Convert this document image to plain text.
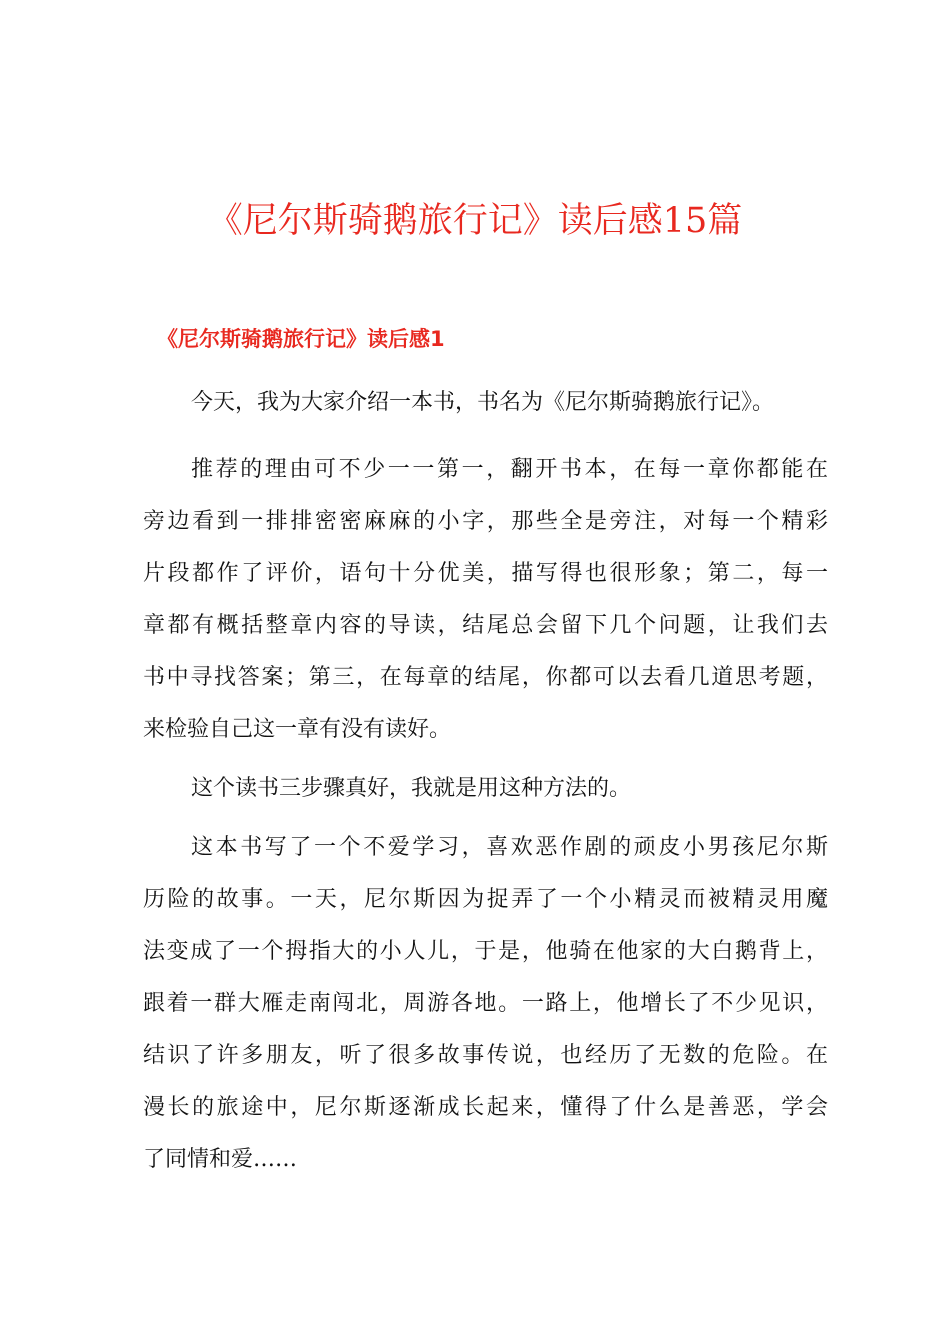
《尼尔斯骑鹅旅行记》读后感15篇
《尼尔斯骑鹅旅行记》读后感1

今天，我为大家介绍一本书，书名为《尼尔斯骑鹅旅行记》。

推荐的理由可不少一一第一，翻开书本，在每一章你都能在
旁边看到一排排密密麻麻的小字，那些全是旁注，对每一个精彩
片段都作了评价，语句十分优美，描写得也很形象；第二，每一
章都有概括整章内容的导读，结尾总会留下几个问题，让我们去
书中寻找答案；第三，在每章的结尾，你都可以去看几道思考题，
来检验自己这一章有没有读好。

这个读书三步骤真好，我就是用这种方法的。

这本书写了一个不爱学习，喜欢恶作剧的顽皮小男孩尼尔斯
历险的故事。一天，尼尔斯因为捉弄了一个小精灵而被精灵用魔
法变成了一个拇指大的小人儿，于是，他骑在他家的大白鹅背上，
跟着一群大雁走南闯北，周游各地。一路上，他增长了不少见识，
结识了许多朋友，听了很多故事传说，也经历了无数的危险。在
漫长的旅途中，尼尔斯逐渐成长起来，懂得了什么是善恶，学会
了同情和爱……
